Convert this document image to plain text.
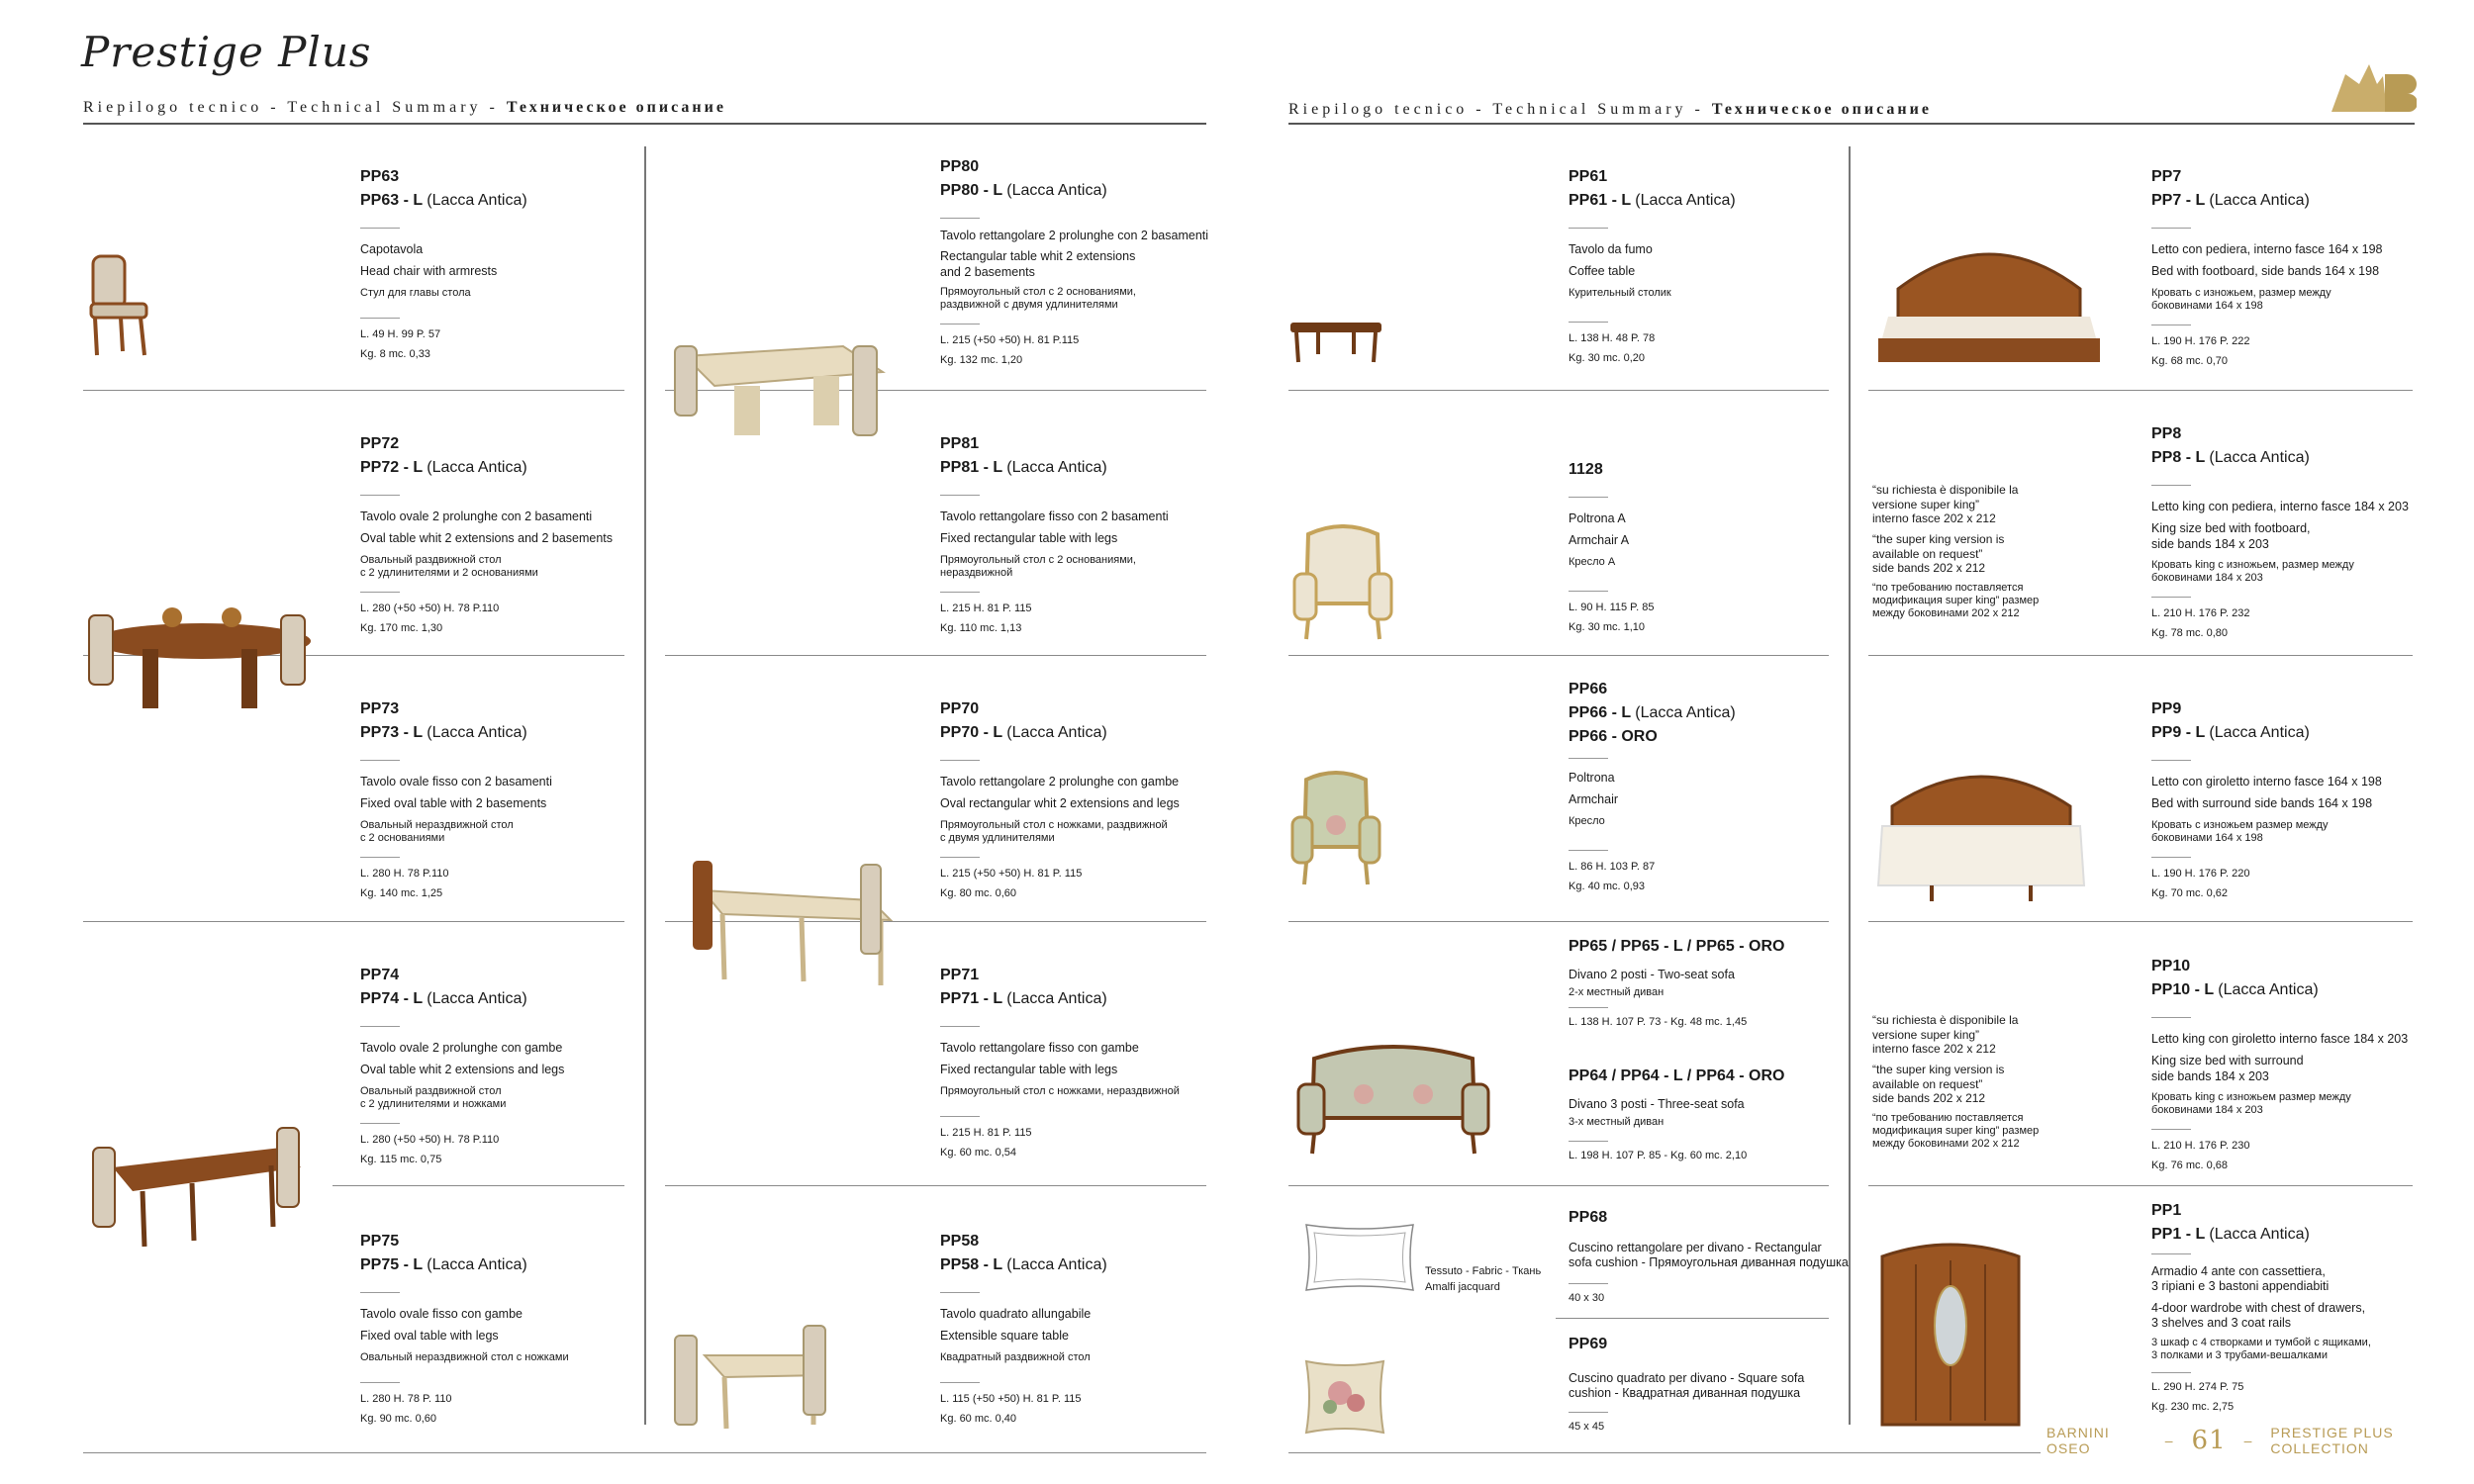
Prestige Plus
Riepilogo tecnico - Technical Summary - Техническое описание	Riepilogo tecnico - Technical Summary - Техническое описание
PP63
PP63 - L (Lacca Antica)
Capotavola
Head chair with armrests
Стул для главы стола
L. 49 H. 99 P. 57
Kg. 8 mc. 0,33
PP72
PP72 - L (Lacca Antica)
Tavolo ovale 2 prolunghe con 2 basamenti
Oval table whit 2 extensions and 2 basements
Овальный раздвижной стол
с 2 удлинителями и 2 основаниями
L. 280 (+50 +50) H. 78 P.110
Kg. 170 mc. 1,30
PP73
PP73 - L (Lacca Antica)
Tavolo ovale fisso con 2 basamenti
Fixed oval table with 2 basements
Овальный нераздвижной стол
с 2 основаниями
L. 280 H. 78 P.110
Kg. 140 mc. 1,25
PP74
PP74 - L (Lacca Antica)
Tavolo ovale 2 prolunghe con gambe
Oval table whit 2 extensions and legs
Овальный раздвижной стол
с 2 удлинителями и ножками
L. 280 (+50 +50) H. 78 P.110
Kg. 115 mc. 0,75
PP75
PP75 - L (Lacca Antica)
Tavolo ovale fisso con gambe
Fixed oval table with legs
Овальный нераздвижной стол с ножками
L. 280 H. 78 P. 110
Kg. 90 mc. 0,60
PP80
PP80 - L (Lacca Antica)
Tavolo rettangolare 2 prolunghe con 2 basamenti
Rectangular table whit 2 extensions
and 2 basements
Прямоугольный стол с 2 основаниями,
раздвижной с двумя удлинителями
L. 215 (+50 +50) H. 81 P.115
Kg. 132 mc. 1,20
PP81
PP81 - L (Lacca Antica)
Tavolo rettangolare fisso con 2 basamenti
Fixed rectangular table with legs
Прямоугольный стол с 2 основаниями,
нераздвижной
L. 215 H. 81 P. 115
Kg. 110 mc. 1,13
PP70
PP70 - L (Lacca Antica)
Tavolo rettangolare 2 prolunghe con gambe
Oval rectangular whit 2 extensions and legs
Прямоугольный стол с ножками, раздвижной
с двумя удлинителями
L. 215 (+50 +50) H. 81 P. 115
Kg. 80 mc. 0,60
PP71
PP71 - L (Lacca Antica)
Tavolo rettangolare fisso con gambe
Fixed rectangular table with legs
Прямоугольный стол с ножками, нераздвижной
L. 215 H. 81 P. 115
Kg. 60 mc. 0,54
PP58
PP58 - L (Lacca Antica)
Tavolo quadrato allungabile
Extensible square table
Квадратный раздвижной стол
L. 115 (+50 +50) H. 81 P. 115
Kg. 60 mc. 0,40
PP61
PP61 - L (Lacca Antica)
Tavolo da fumo
Coffee table
Курительный столик
L. 138 H. 48 P. 78
Kg. 30 mc. 0,20
1128
Poltrona A
Armchair A
Кресло А
L. 90 H. 115 P. 85
Kg. 30 mc. 1,10
PP66
PP66 - L (Lacca Antica)
PP66 - ORO
Poltrona
Armchair
Кресло
L. 86 H. 103 P. 87
Kg. 40 mc. 0,93
PP65 / PP65 - L / PP65 - ORO
Divano 2 posti - Two-seat sofa
2-х местный диван
L. 138 H. 107 P. 73 - Kg. 48 mc. 1,45
PP64 / PP64 - L / PP64 - ORO
Divano 3 posti - Three-seat sofa
3-х местный диван
L. 198 H. 107 P. 85 - Kg. 60 mc. 2,10
Tessuto - Fabric - Ткань
Amalfi jacquard
PP68
Cuscino rettangolare per divano - Rectangular
sofa cushion - Прямоугольная диванная подушка
40 x 30
PP69
Cuscino quadrato per divano - Square sofa
cushion - Квадратная диванная подушка
45 x 45
PP7
PP7 - L (Lacca Antica)
Letto con pediera, interno fasce 164 x 198
Bed with footboard, side bands 164 x 198
Кровать с изножьем, размер между
боковинами 164 x 198
L. 190 H. 176 P. 222
Kg. 68 mc. 0,70
“su richiesta è disponibile la
versione super king”
interno fasce 202 x 212
“the super king version is
available on request”
side bands 202 x 212
“по требованию поставляется
модификация super king” размер
между боковинами 202 x 212
PP8
PP8 - L (Lacca Antica)
Letto king con pediera, interno fasce 184 x 203
King size bed with footboard,
side bands 184 x 203
Кровать king с изножьем, размер между
боковинами 184 x 203
L. 210 H. 176 P. 232
Kg. 78 mc. 0,80
PP9
PP9 - L (Lacca Antica)
Letto con giroletto interno fasce 164 x 198
Bed with surround side bands 164 x 198
Кровать с изножьем размер между
боковинами 164 x 198
L. 190 H. 176 P. 220
Kg. 70 mc. 0,62
“su richiesta è disponibile la
versione super king”
interno fasce 202 x 212
“the super king version is
available on request”
side bands 202 x 212
“по требованию поставляется
модификация super king” размер
между боковинами 202 x 212
PP10
PP10 - L (Lacca Antica)
Letto king con giroletto interno fasce 184 x 203
King size bed with surround
side bands 184 x 203
Кровать king с изножьем размер между
боковинами 184 x 203
L. 210 H. 176 P. 230
Kg. 76 mc. 0,68
PP1
PP1 - L (Lacca Antica)
Armadio 4 ante con cassettiera,
3 ripiani e 3 bastoni appendiabiti
4-door wardrobe with chest of drawers,
3 shelves and 3 coat rails
3 шкаф с 4 створками и тумбой с ящиками,
3 полками и 3 трубами-вешалками
L. 290 H. 274 P. 75
Kg. 230 mc. 2,75
BARNINI OSEO	– 61 – PRESTIGE PLUS COLLECTION
